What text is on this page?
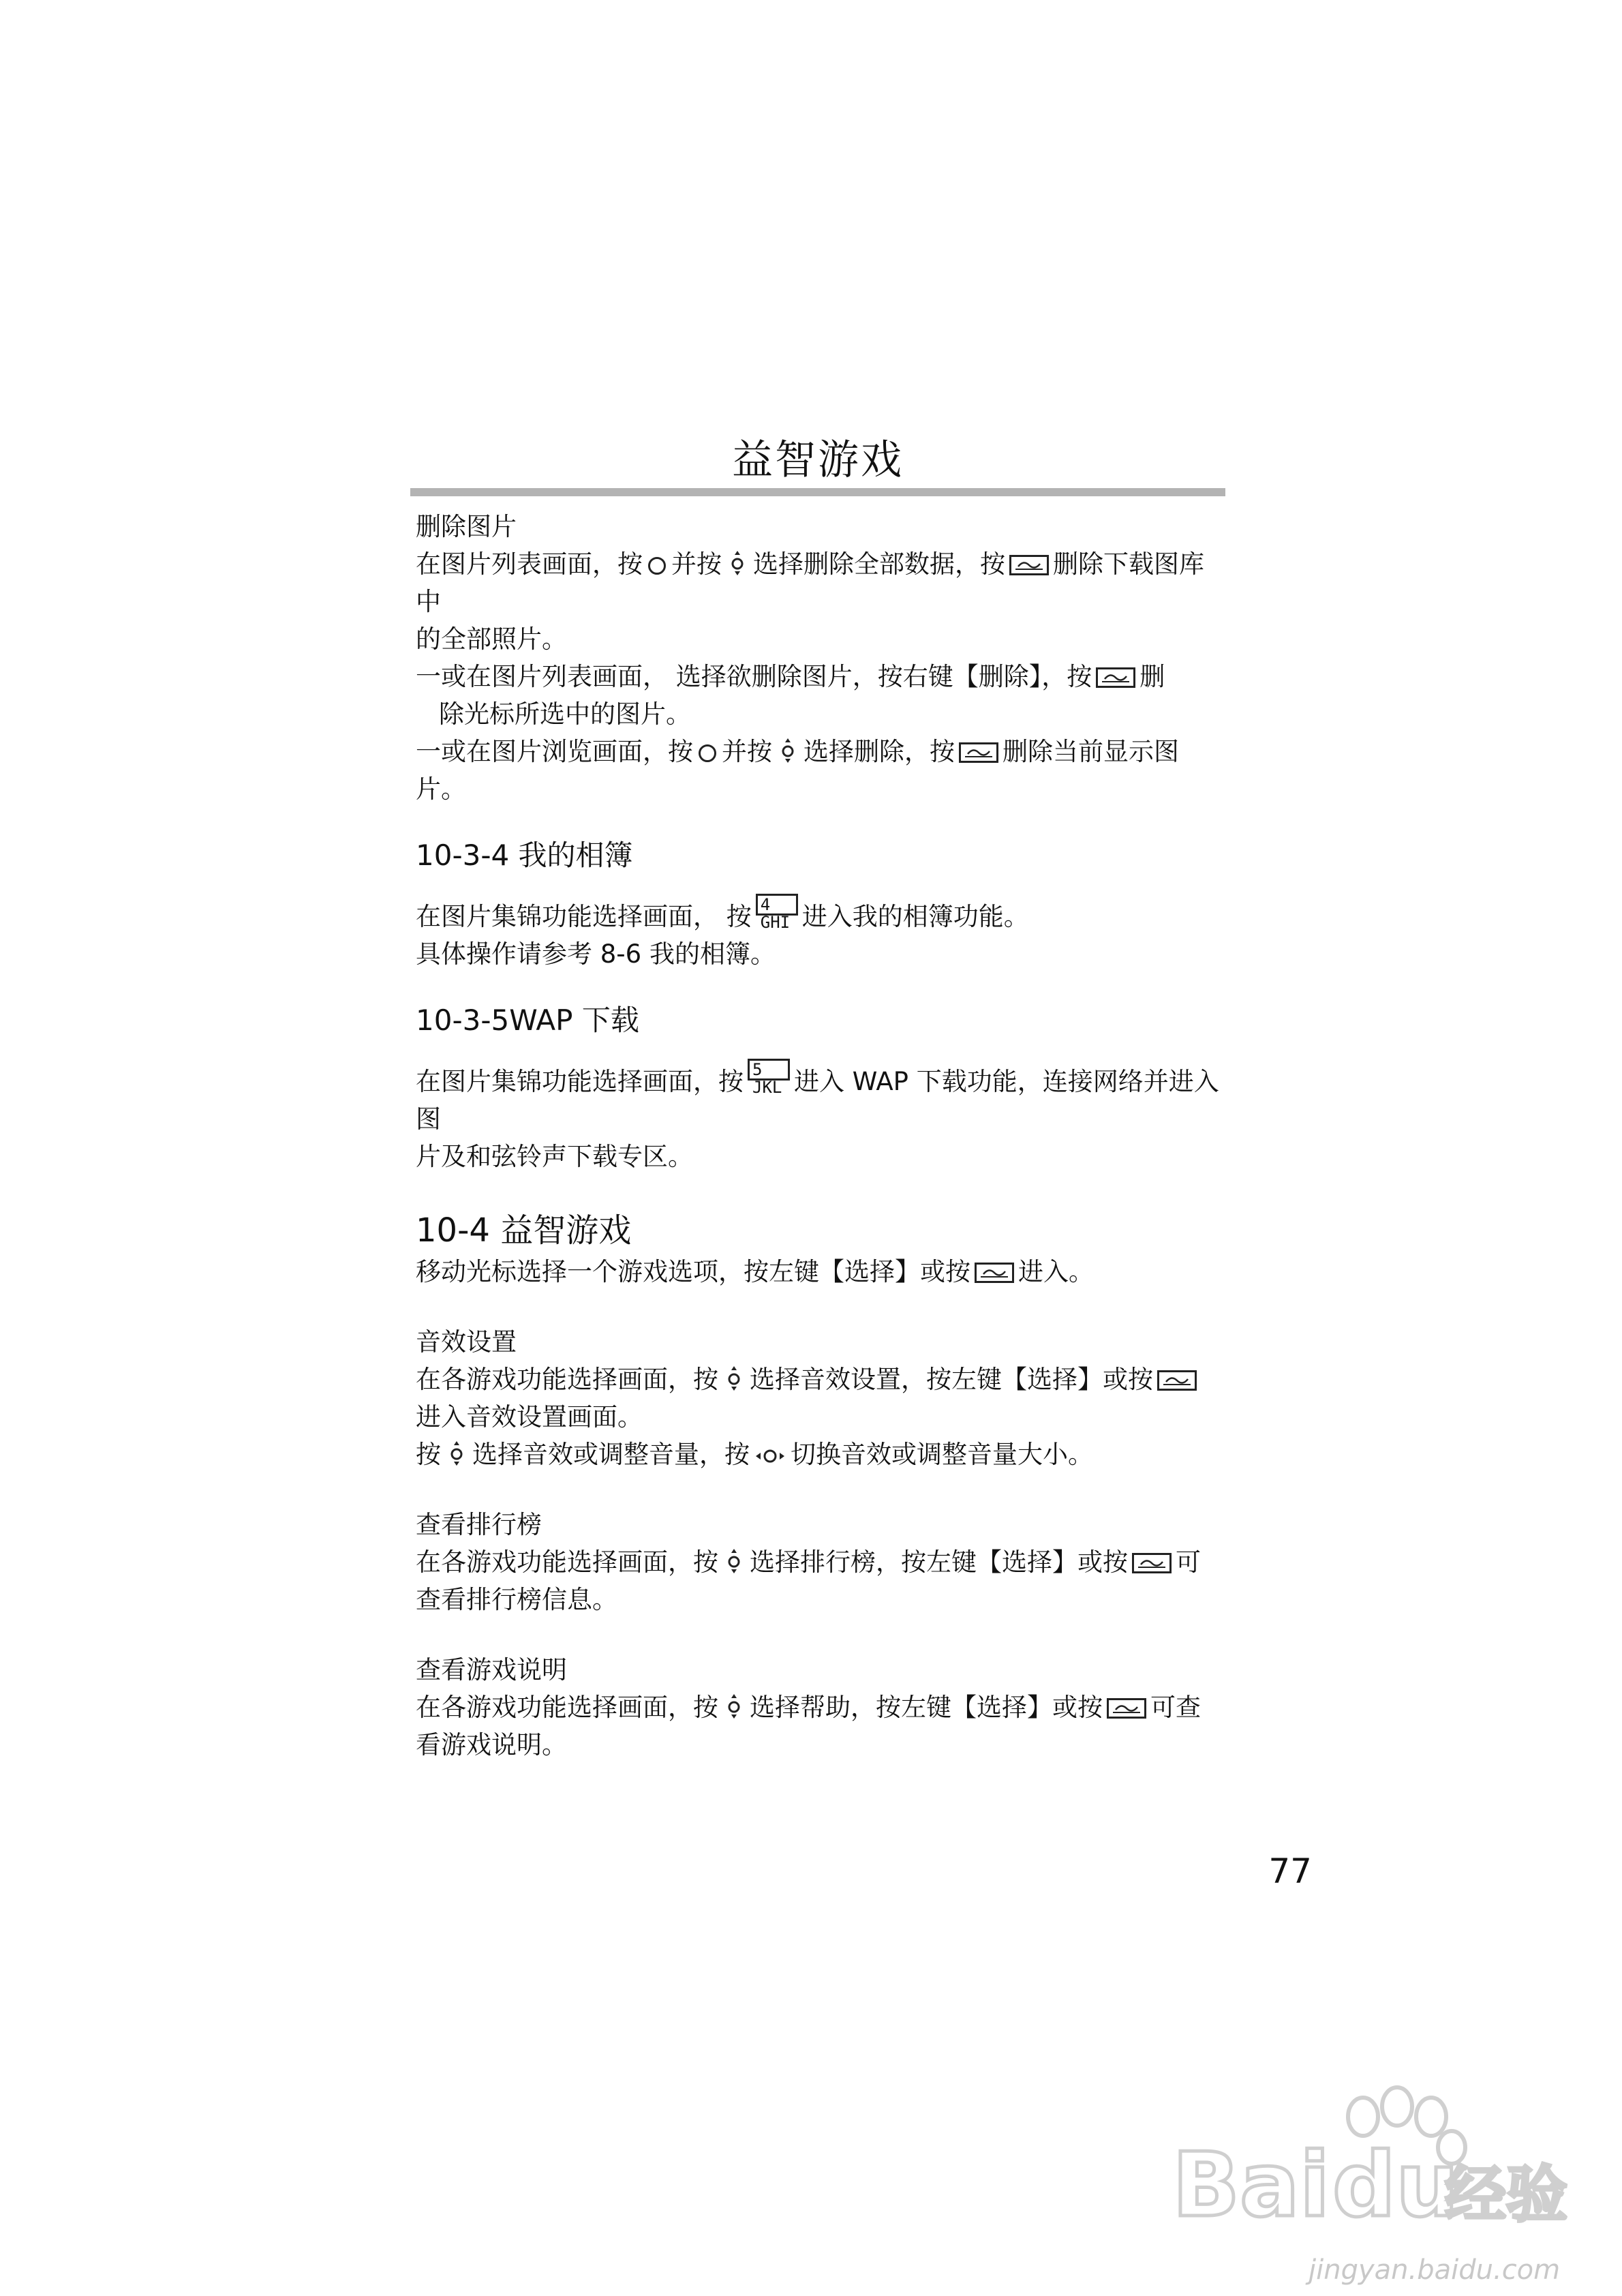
益智游戏
删除图片

在图片列表画面，按 并按 选择删除全部数据，按 删除下载图库中

的全部照片。

一或在图片列表画面， 选择欲删除图片，按右键【删除】，按 删

除光标所选中的图片。

一或在图片浏览画面，按 并按 选择删除，按 删除当前显示图片。

10-3-4 我的相簿

在图片集锦功能选择画面， 按 4 GHI 进入我的相簿功能。

具体操作请参考 8-6 我的相簿。

10-3-5WAP 下载

在图片集锦功能选择画面，按 5 JKL 进入 WAP 下载功能，连接网络并进入图

片及和弦铃声下载专区。

10-4 益智游戏

移动光标选择一个游戏选项，按左键【选择】或按 进入。

音效设置

在各游戏功能选择画面，按 选择音效设置，按左键【选择】或按

进入音效设置画面。

按 选择音效或调整音量，按 切换音效或调整音量大小。

查看排行榜

在各游戏功能选择画面，按 选择排行榜，按左键【选择】或按 可

查看排行榜信息。

查看游戏说明

在各游戏功能选择画面，按 选择帮助，按左键【选择】或按 可查

看游戏说明。

77
Bai du
经验
jingyan.baidu.com
